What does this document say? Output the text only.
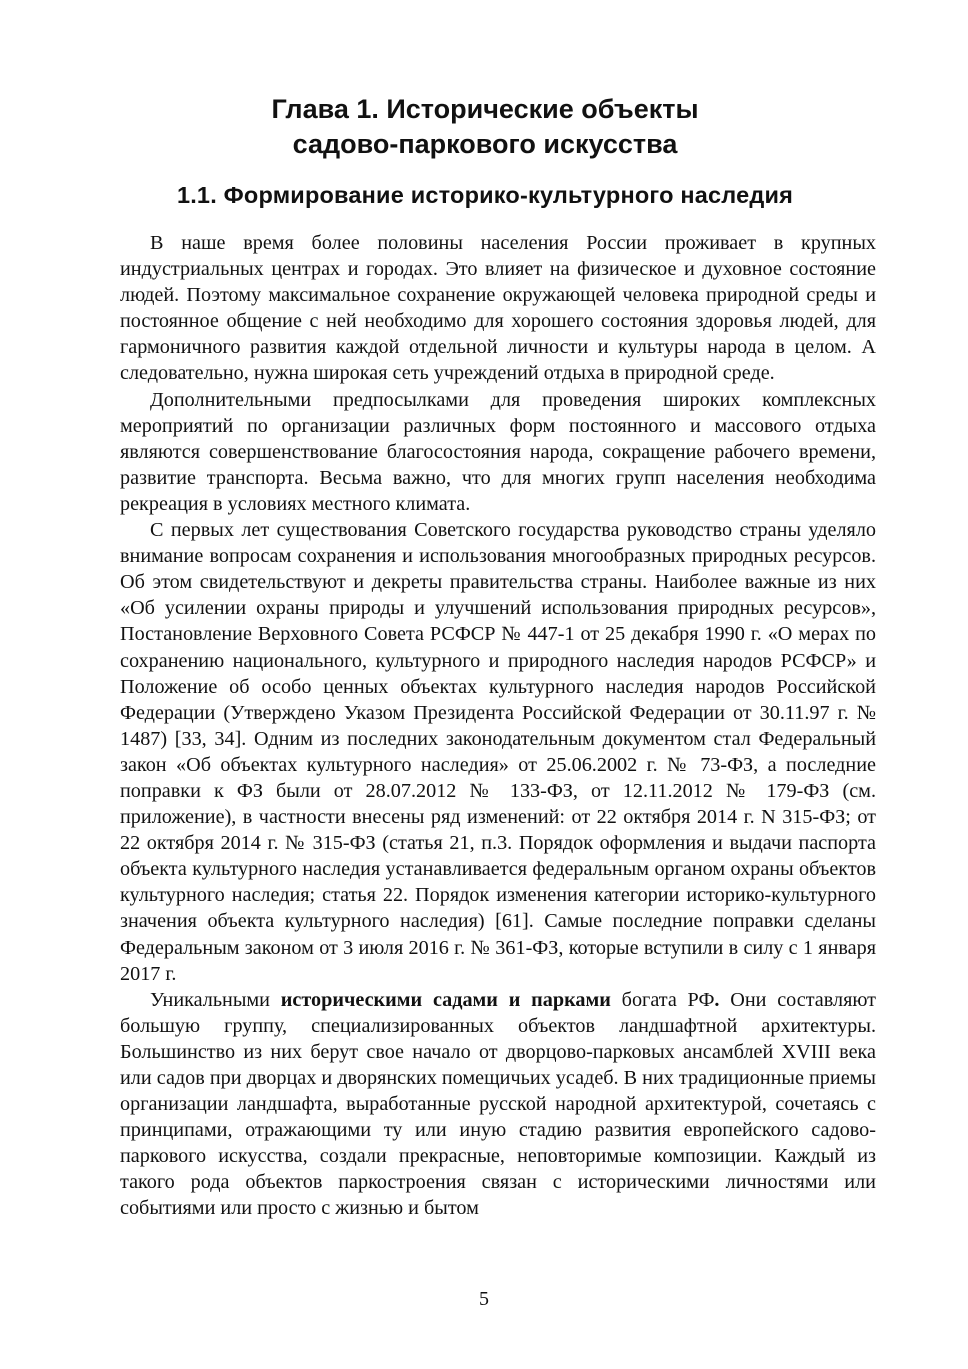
Глава 1. Исторические объекты
садово-паркового искусства
1.1. Формирование историко-культурного наследия

В наше время более половины населения России проживает в крупных индустриальных центрах и городах. Это влияет на физическое и духовное состояние людей. Поэтому максимальное сохранение окружающей человека природной среды и постоянное общение с ней необходимо для хорошего состояния здоровья людей, для гармоничного развития каждой отдельной личности и культуры народа в целом. А следовательно, нужна широкая сеть учреждений отдыха в природной среде.

Дополнительными предпосылками для проведения широких комплексных мероприятий по организации различных форм постоянного и массового отдыха являются совершенствование благосостояния народа, сокращение рабочего времени, развитие транспорта. Весьма важно, что для многих групп населения необходима рекреация в условиях местного климата.

С первых лет существования Советского государства руководство страны уделяло внимание вопросам сохранения и использования многообразных природных ресурсов. Об этом свидетельствуют и декреты правительства страны. Наиболее важные из них «Об усилении охраны природы и улучшений использования природных ресурсов», Постановление Верховного Совета РСФСР № 447-1 от 25 декабря 1990 г. «О мерах по сохранению национального, культурного и природного наследия народов РСФСР» и Положение об особо ценных объектах культурного наследия народов Российской Федерации (Утверждено Указом Президента Российской Федерации от 30.11.97 г. № 1487) [33, 34]. Одним из последних законодательным документом стал Федеральный закон «Об объектах культурного наследия» от 25.06.2002 г. № 73-ФЗ, а последние поправки к ФЗ были от 28.07.2012 № 133-ФЗ, от 12.11.2012 № 179-ФЗ (см. приложение), в частности внесены ряд изменений: от 22 октября 2014 г. N 315-ФЗ; от 22 октября 2014 г. № 315-ФЗ (статья 21, п.3. Порядок оформления и выдачи паспорта объекта культурного наследия устанавливается федеральным органом охраны объектов культурного наследия; статья 22. Порядок изменения категории историко-культурного значения объекта культурного наследия) [61]. Самые последние поправки сделаны Федеральным законом от 3 июля 2016 г. № 361-ФЗ, которые вступили в силу с 1 января 2017 г.

Уникальными историческими садами и парками богата РФ. Они составляют большую группу, специализированных объектов ландшафтной архитектуры. Большинство из них берут свое начало от дворцово-парковых ансамблей XVIII века или садов при дворцах и дворянских помещичьих усадеб. В них традиционные приемы организации ландшафта, выработанные русской народной архитектурой, сочетаясь с принципами, отражающими ту или иную стадию развития европейского садово-паркового искусства, создали прекрасные, неповторимые композиции. Каждый из такого рода объектов паркостроения связан с историческими личностями или событиями или просто с жизнью и бытом

5
